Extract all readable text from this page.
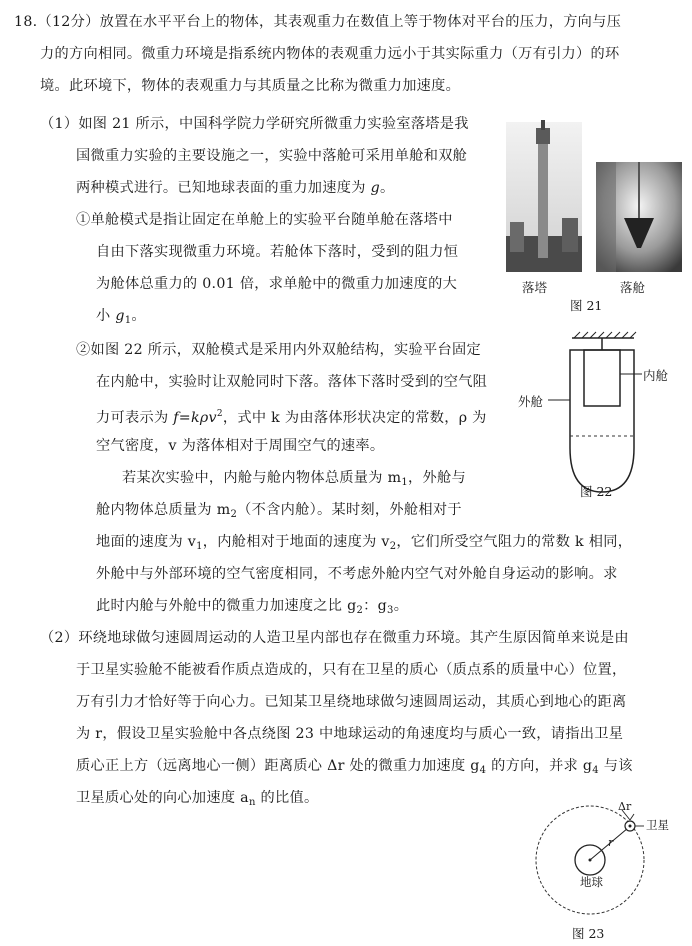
18.（12分）放置在水平平台上的物体，其表观重力在数值上等于物体对平台的压力，方向与压
力的方向相同。微重力环境是指系统内物体的表观重力远小于其实际重力（万有引力）的环
境。此环境下，物体的表观重力与其质量之比称为微重力加速度。
（1）如图 21 所示，中国科学院力学研究所微重力实验室落塔是我
国微重力实验的主要设施之一，实验中落舱可采用单舱和双舱
两种模式进行。已知地球表面的重力加速度为 g。
①单舱模式是指让固定在单舱上的实验平台随单舱在落塔中
自由下落实现微重力环境。若舱体下落时，受到的阻力恒
为舱体总重力的 0.01 倍，求单舱中的微重力加速度的大
小 $g_1$。
②如图 22 所示，双舱模式是采用内外双舱结构，实验平台固定
在内舱中，实验时让双舱同时下落。落体下落时受到的空气阻
力可表示为 f=kρv$^2$，式中 k 为由落体形状决定的常数，ρ 为
空气密度，v 为落体相对于周围空气的速率。
若某次实验中，内舱与舱内物体总质量为 $m_1$，外舱与
舱内物体总质量为 $m_2$（不含内舱）。某时刻，外舱相对于
地面的速度为 $v_1$，内舱相对于地面的速度为 $v_2$，它们所受空气阻力的常数 k 相同，
外舱中与外部环境的空气密度相同，不考虑外舱内空气对外舱自身运动的影响。求
此时内舱与外舱中的微重力加速度之比 $g_2$：$g_3$。
（2）环绕地球做匀速圆周运动的人造卫星内部也存在微重力环境。其产生原因简单来说是由
于卫星实验舱不能被看作质点造成的，只有在卫星的质心（质点系的质量中心）位置，
万有引力才恰好等于向心力。已知某卫星绕地球做匀速圆周运动，其质心到地心的距离
为 r，假设卫星实验舱中各点绕图 23 中地球运动的角速度均与质心一致，请指出卫星
质心正上方（远离地心一侧）距离质心 Δr 处的微重力加速度 $g_4$ 的方向，并求 $g_4$ 与该
卫星质心处的向心加速度 $a_n$ 的比值。
落塔	落舱
图 21
内舱
外舱
图 22
Δr
卫星
r
地球
图 23
